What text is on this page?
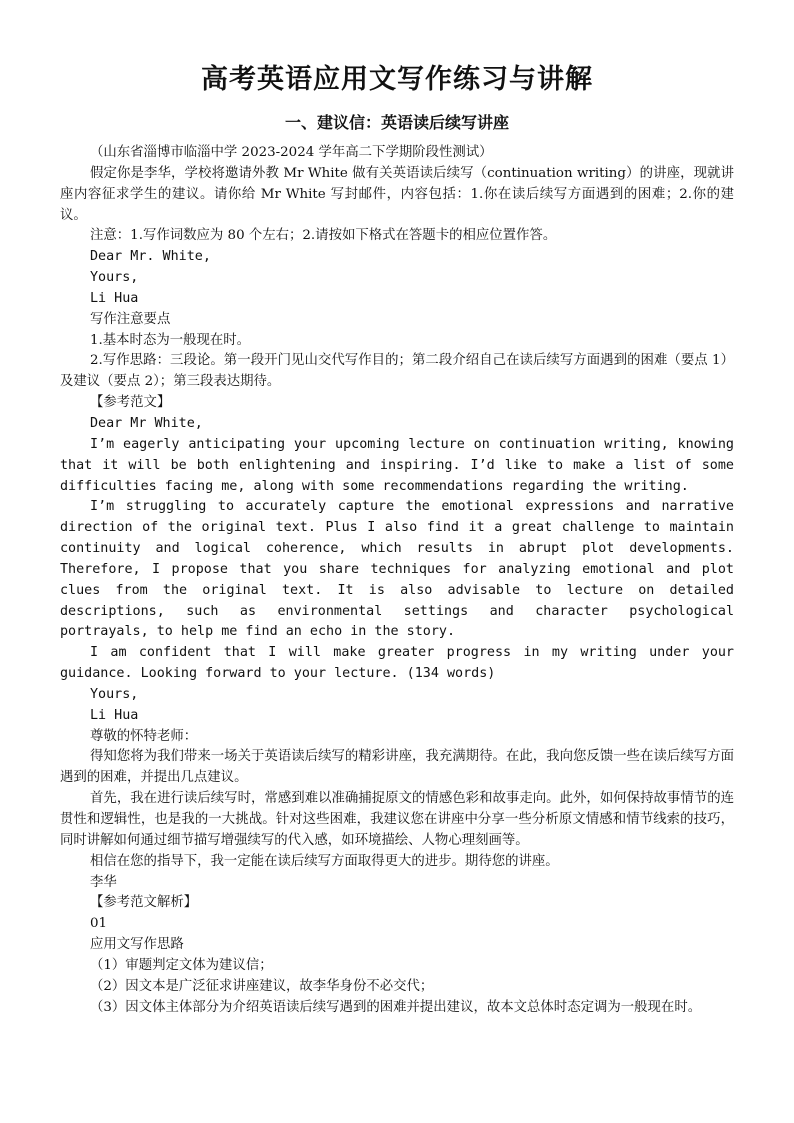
高考英语应用文写作练习与讲解
一、建议信：英语读后续写讲座

（山东省淄博市临淄中学 2023-2024 学年高二下学期阶段性测试）

假定你是李华，学校将邀请外教 Mr White 做有关英语读后续写（continuation writing）的讲座，现就讲座内容征求学生的建议。请你给 Mr White 写封邮件，内容包括：1.你在读后续写方面遇到的困难；2.你的建议。

注意：1.写作词数应为 80 个左右；2.请按如下格式在答题卡的相应位置作答。

Dear Mr. White,

Yours,

Li Hua

写作注意要点

1.基本时态为一般现在时。

2.写作思路：三段论。第一段开门见山交代写作目的；第二段介绍自己在读后续写方面遇到的困难（要点 1）及建议（要点 2）；第三段表达期待。

【参考范文】

Dear Mr White,

I’m eagerly anticipating your upcoming lecture on continuation writing, knowing that it will be both enlightening and inspiring. I’d like to make a list of some difficulties facing me, along with some recommendations regarding the writing.

I’m struggling to accurately capture the emotional expressions and narrative direction of the original text. Plus I also find it a great challenge to maintain continuity and logical coherence, which results in abrupt plot developments. Therefore, I propose that you share techniques for analyzing emotional and plot clues from the original text. It is also advisable to lecture on detailed descriptions, such as environmental settings and character psychological portrayals, to help me find an echo in the story.

I am confident that I will make greater progress in my writing under your guidance. Looking forward to your lecture. (134 words)

Yours,

Li Hua

尊敬的怀特老师：

得知您将为我们带来一场关于英语读后续写的精彩讲座，我充满期待。在此，我向您反馈一些在读后续写方面遇到的困难，并提出几点建议。

首先，我在进行读后续写时，常感到难以准确捕捉原文的情感色彩和故事走向。此外，如何保持故事情节的连贯性和逻辑性，也是我的一大挑战。针对这些困难，我建议您在讲座中分享一些分析原文情感和情节线索的技巧，同时讲解如何通过细节描写增强续写的代入感，如环境描绘、人物心理刻画等。

相信在您的指导下，我一定能在读后续写方面取得更大的进步。期待您的讲座。

李华

【参考范文解析】

01

应用文写作思路

（1）审题判定文体为建议信；

（2）因文本是广泛征求讲座建议，故李华身份不必交代；

（3）因文体主体部分为介绍英语读后续写遇到的困难并提出建议，故本文总体时态定调为一般现在时。
